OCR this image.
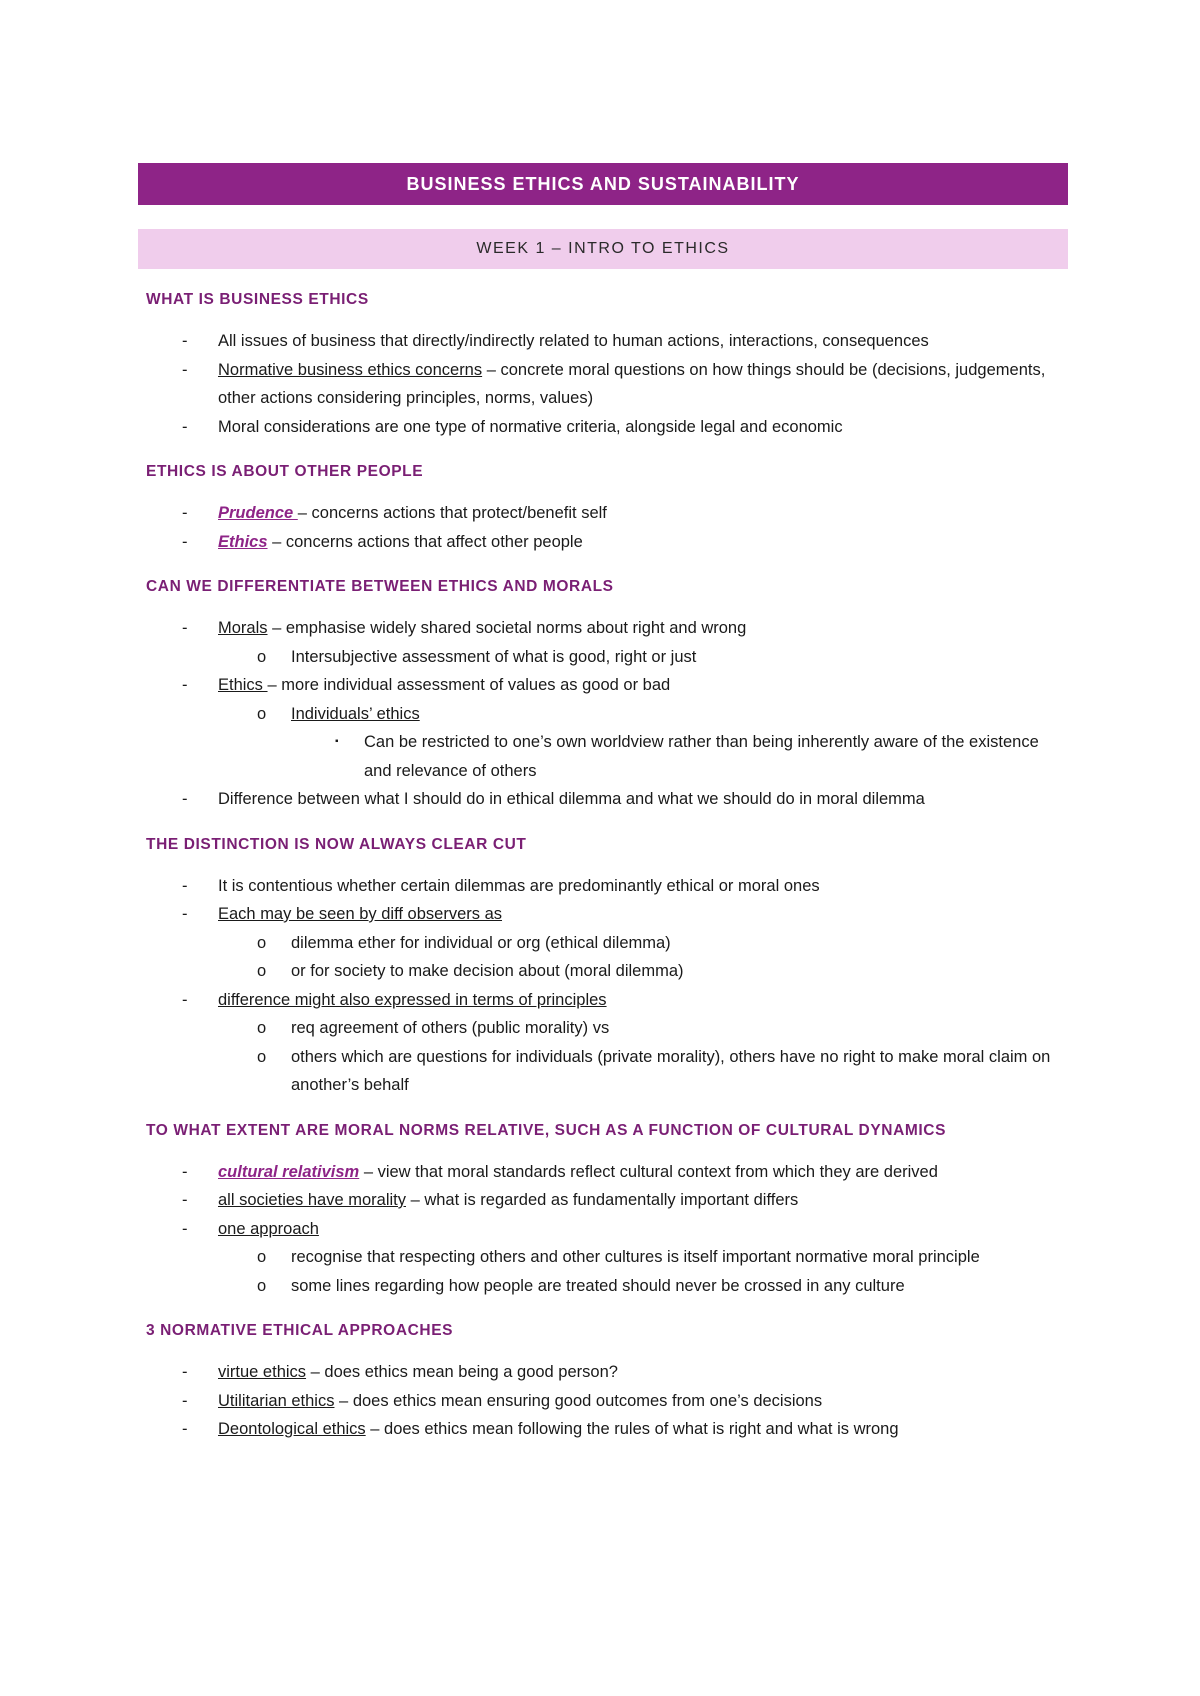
BUSINESS ETHICS AND SUSTAINABILITY
WEEK 1 – INTRO TO ETHICS
WHAT IS BUSINESS ETHICS
- All issues of business that directly/indirectly related to human actions, interactions, consequences
- Normative business ethics concerns – concrete moral questions on how things should be (decisions, judgements, other actions considering principles, norms, values)
- Moral considerations are one type of normative criteria, alongside legal and economic
ETHICS IS ABOUT OTHER PEOPLE
- Prudence – concerns actions that protect/benefit self
- Ethics – concerns actions that affect other people
CAN WE DIFFERENTIATE BETWEEN ETHICS AND MORALS
- Morals – emphasise widely shared societal norms about right and wrong
o Intersubjective assessment of what is good, right or just
- Ethics – more individual assessment of values as good or bad
o Individuals’ ethics
▪ Can be restricted to one’s own worldview rather than being inherently aware of the existence and relevance of others
- Difference between what I should do in ethical dilemma and what we should do in moral dilemma
THE DISTINCTION IS NOW ALWAYS CLEAR CUT
- It is contentious whether certain dilemmas are predominantly ethical or moral ones
- Each may be seen by diff observers as
o dilemma ether for individual or org (ethical dilemma)
o or for society to make decision about (moral dilemma)
- difference might also expressed in terms of principles
o req agreement of others (public morality) vs
o others which are questions for individuals (private morality), others have no right to make moral claim on another’s behalf
TO WHAT EXTENT ARE MORAL NORMS RELATIVE, SUCH AS A FUNCTION OF CULTURAL DYNAMICS
- cultural relativism – view that moral standards reflect cultural context from which they are derived
- all societies have morality – what is regarded as fundamentally important differs
- one approach
o recognise that respecting others and other cultures is itself important normative moral principle
o some lines regarding how people are treated should never be crossed in any culture
3 NORMATIVE ETHICAL APPROACHES
- virtue ethics – does ethics mean being a good person?
- Utilitarian ethics – does ethics mean ensuring good outcomes from one’s decisions
- Deontological ethics – does ethics mean following the rules of what is right and what is wrong
